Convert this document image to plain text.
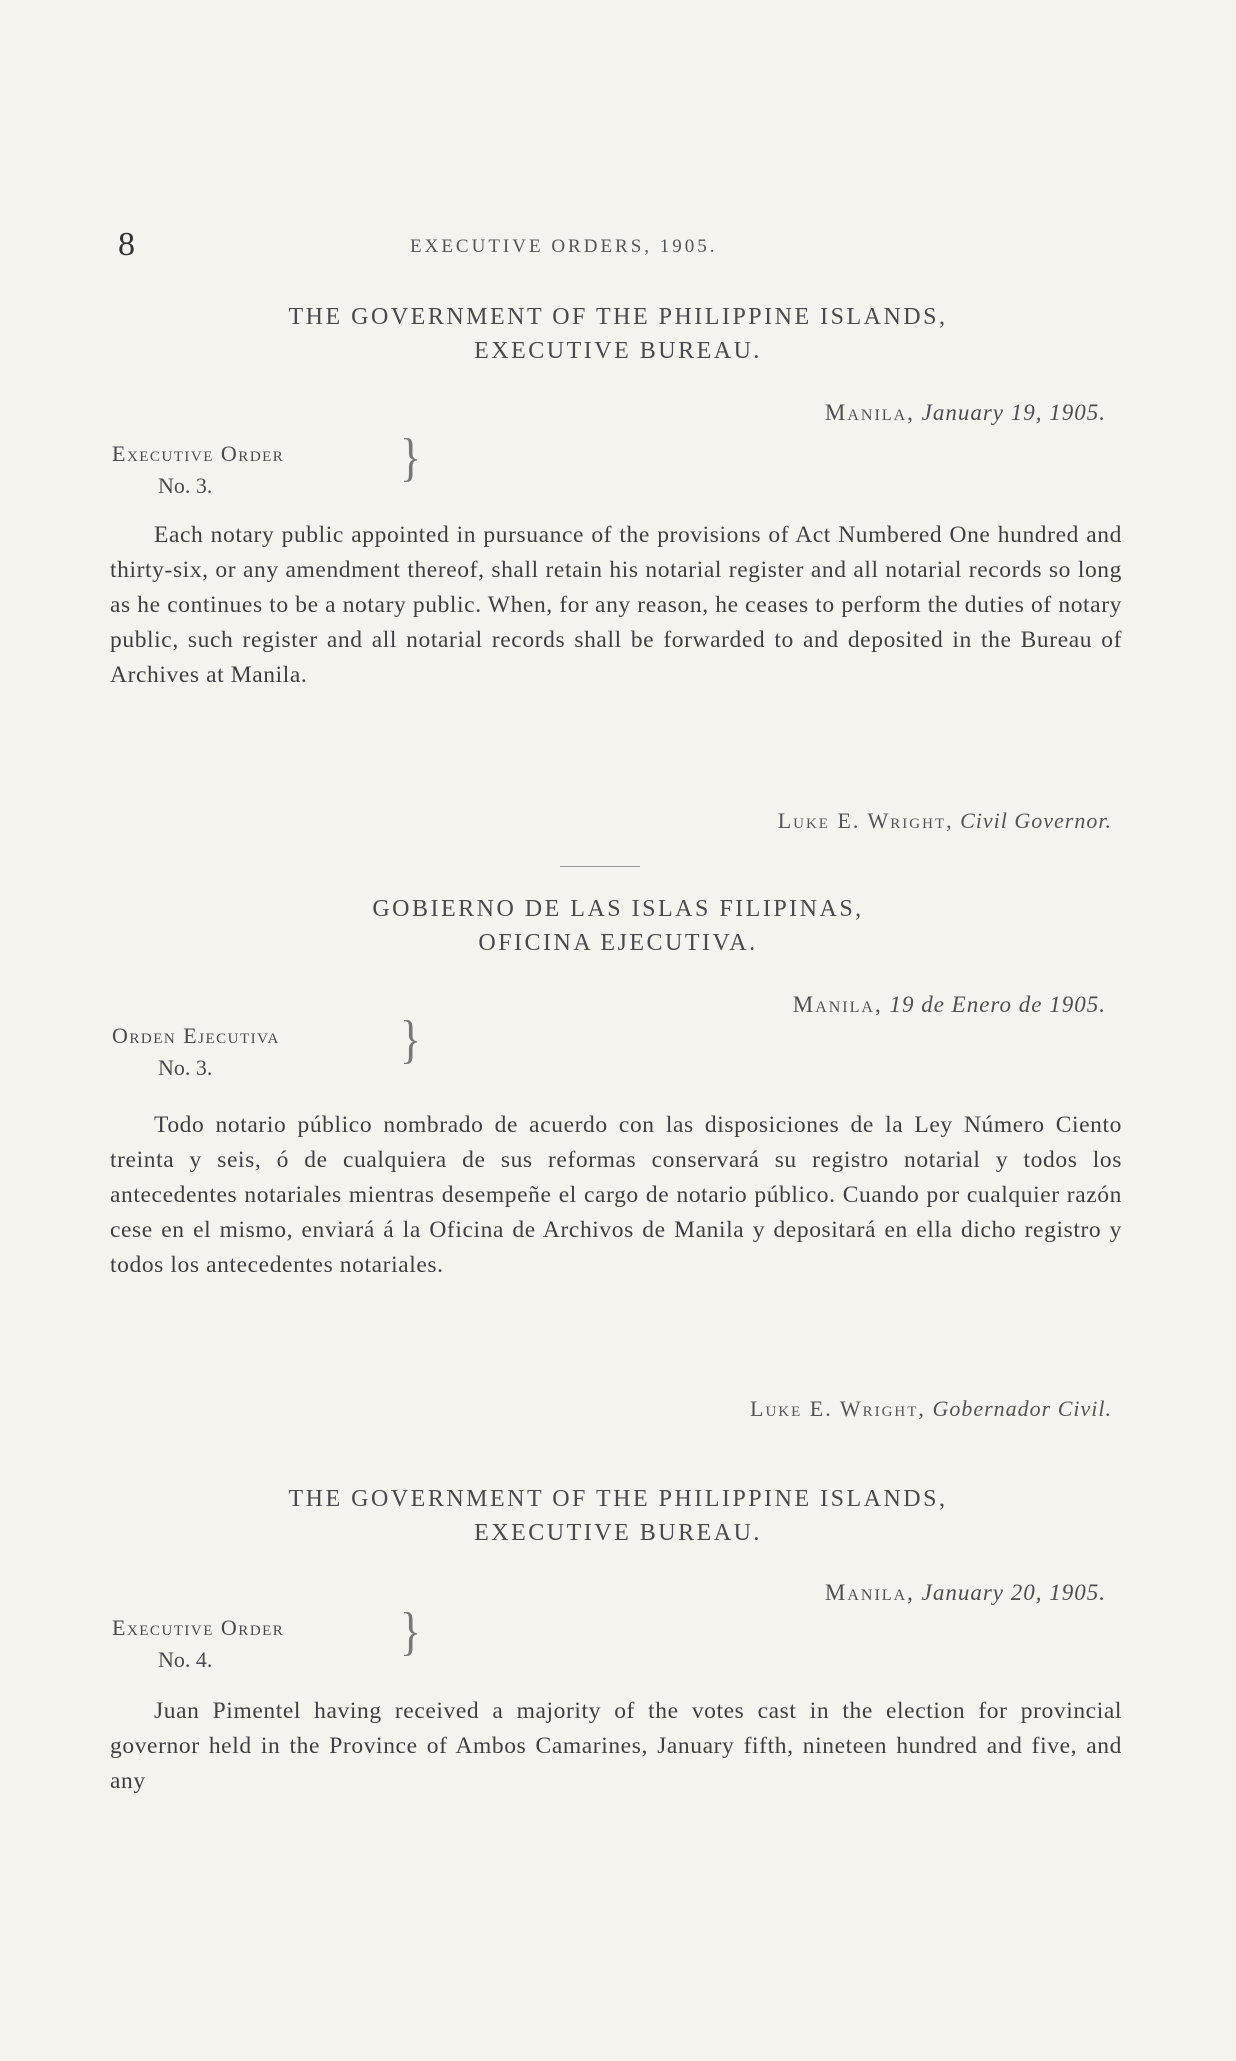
8	EXECUTIVE ORDERS, 1905.

THE GOVERNMENT OF THE PHILIPPINE ISLANDS,

EXECUTIVE BUREAU.

Manila, January 19, 1905.
Executive Order
No. 3.	}

Each notary public appointed in pursuance of the provisions of Act Numbered One hundred and thirty-six, or any amendment thereof, shall retain his notarial register and all notarial records so long as he continues to be a notary public. When, for any reason, he ceases to perform the duties of notary public, such register and all notarial records shall be forwarded to and deposited in the Bureau of Archives at Manila.

Luke E. Wright, Civil Governor.

GOBIERNO DE LAS ISLAS FILIPINAS,

OFICINA EJECUTIVA.

Manila, 19 de Enero de 1905.
Orden Ejecutiva
No. 3.	}

Todo notario público nombrado de acuerdo con las disposiciones de la Ley Número Ciento treinta y seis, ó de cualquiera de sus reformas conservará su registro notarial y todos los antecedentes notariales mientras desempeñe el cargo de notario público. Cuando por cualquier razón cese en el mismo, enviará á la Oficina de Archivos de Manila y depositará en ella dicho registro y todos los antecedentes notariales.

Luke E. Wright, Gobernador Civil.

THE GOVERNMENT OF THE PHILIPPINE ISLANDS,

EXECUTIVE BUREAU.

Manila, January 20, 1905.
Executive Order
No. 4.	}

Juan Pimentel having received a majority of the votes cast in the election for provincial governor held in the Province of Ambos Camarines, January fifth, nineteen hundred and five, and any
